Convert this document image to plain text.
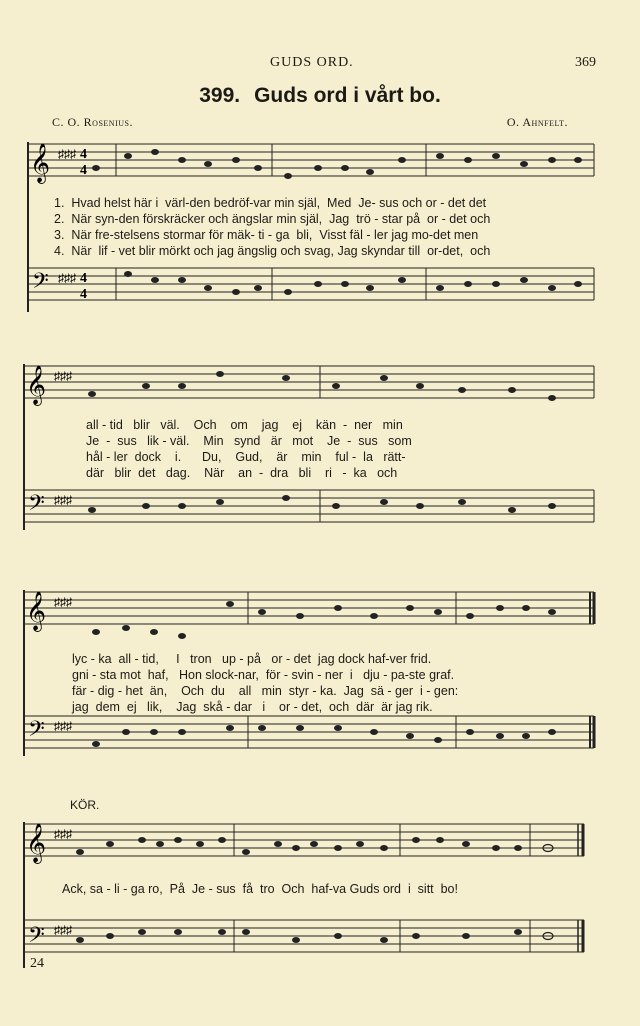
GUDS ORD.	369
399. Guds ord i vårt bo.
C. O. Rosenius.	O. Ahnfelt.
𝄞
𝄢
♯♯♯
♯♯♯
4
4
4
4
1.  Hvad helst här i  värl-den bedröf-var min själ,  Med  Je- sus och or - det det
2.  När syn-den förskräcker och ängslar min själ,  Jag  trö - star på  or - det och
3.  När fre-stelsens stormar för mäk- ti - ga  bli,  Visst fäl - ler jag mo-det men
4.  När  lif - vet blir mörkt och jag ängslig och svag, Jag skyndar till  or-det,  och
𝄞
𝄢
♯♯♯
♯♯♯
all - tid   blir   väl.    Och    om    jag    ej    kän  -  ner   min
Je  -  sus   lik - väl.    Min   synd   är   mot    Je  -  sus   som
hål - ler  dock    i.      Du,    Gud,    är    min    ful -  la   rätt-
där   blir  det   dag.    När    an  -  dra   bli    ri   -  ka   och
𝄞
𝄢
♯♯♯
♯♯♯
lyc - ka  all - tid,     I   tron   up - på   or - det  jag dock haf-ver frid.
gni - sta mot  haf,   Hon slock-nar,  för - svin - ner  i   dju - pa-ste graf.
fär - dig - het  än,    Och  du    all   min  styr - ka.  Jag  sä - ger  i - gen:
jag  dem  ej   lik,    Jag  skå - dar   i    or - det,  och  där  är jag rik.
KÖR.
𝄞
𝄢
♯♯♯
♯♯♯
Ack, sa - li - ga ro,  På  Je - sus  få  tro  Och  haf-va Guds ord  i  sitt  bo!
24
